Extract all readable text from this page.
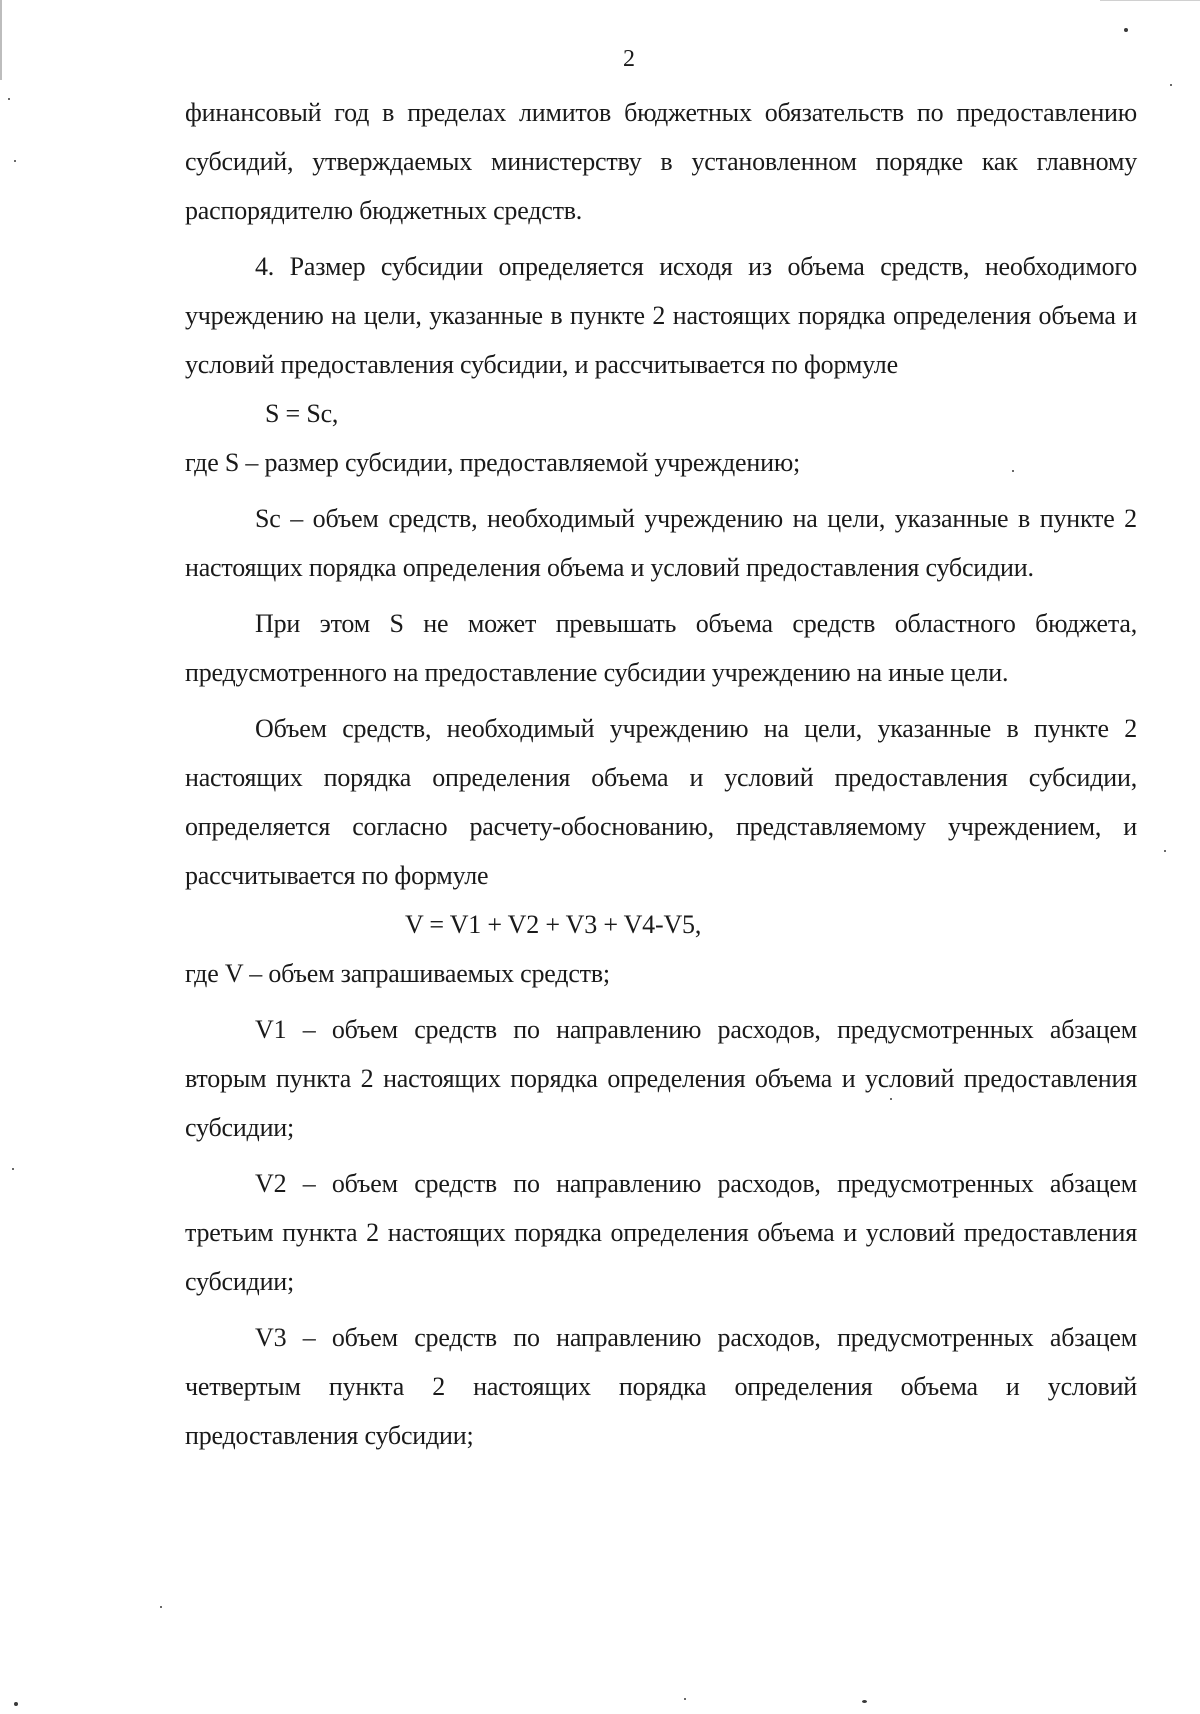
2

финансовый год в пределах лимитов бюджетных обязательств по предоставлению субсидий, утверждаемых министерству в установленном порядке как главному распорядителю бюджетных средств.

4. Размер субсидии определяется исходя из объема средств, необходимого учреждению на цели, указанные в пункте 2 настоящих порядка определения объема и условий предоставления субсидии, и рассчитывается по формуле

S = Sc,

где S – размер субсидии, предоставляемой учреждению;

Sc – объем средств, необходимый учреждению на цели, указанные в пункте 2 настоящих порядка определения объема и условий предоставления субсидии.

При этом S не может превышать объема средств областного бюджета, предусмотренного на предоставление субсидии учреждению на иные цели.

Объем средств, необходимый учреждению на цели, указанные в пункте 2 настоящих порядка определения объема и условий предоставления субсидии, определяется согласно расчету-обоснованию, представляемому учреждением, и рассчитывается по формуле

V = V1 + V2 + V3 + V4-V5,

где V – объем запрашиваемых средств;

V1 – объем средств по направлению расходов, предусмотренных абзацем вторым пункта 2 настоящих порядка определения объема и условий предоставления субсидии;

V2 – объем средств по направлению расходов, предусмотренных абзацем третьим пункта 2 настоящих порядка определения объема и условий предоставления субсидии;

V3 – объем средств по направлению расходов, предусмотренных абзацем четвертым пункта 2 настоящих порядка определения объема и условий предоставления субсидии;
